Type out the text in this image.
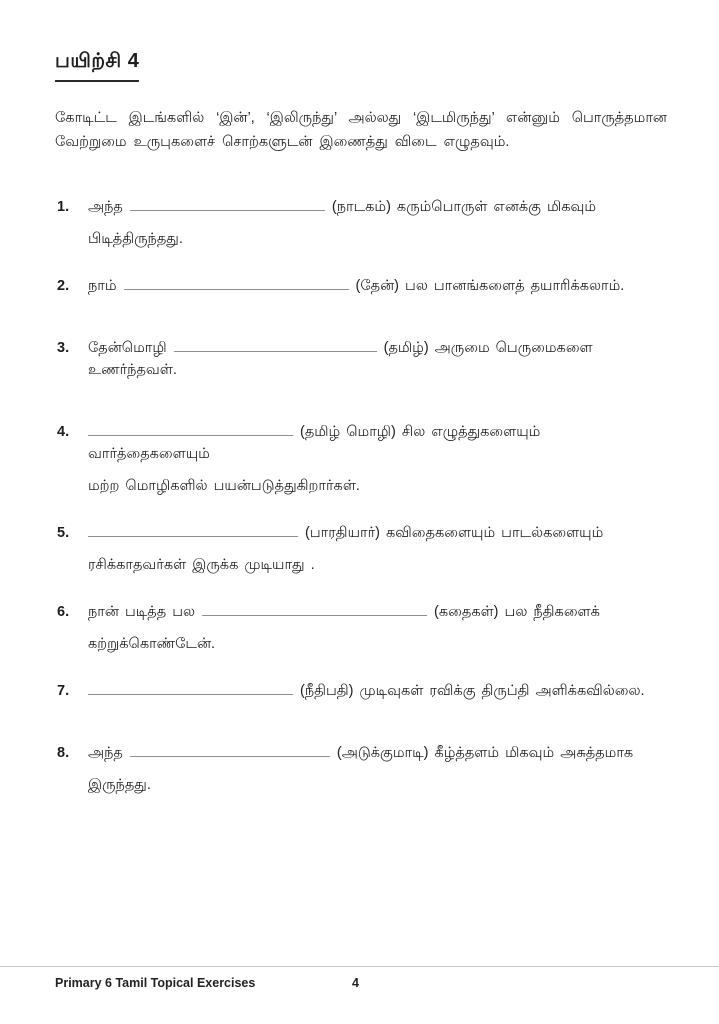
பயிற்சி 4

கோடிட்ட இடங்களில் ‘இன்’, ‘இலிருந்து’ அல்லது ‘இடமிருந்து’ என்னும் பொருத்தமான வேற்றுமை உருபுகளைச் சொற்களுடன் இணைத்து விடை எழுதவும்.

1.	அந்த	(நாடகம்) கரும்பொருள் எனக்கு மிகவும்
பிடித்திருந்தது.
2.	நாம்	(தேன்) பல பானங்களைத் தயாரிக்கலாம்.
3.	தேன்மொழி	(தமிழ்) அருமை பெருமைகளை உணர்ந்தவள்.
4.	(தமிழ் மொழி) சில எழுத்துகளையும் வார்த்தைகளையும்
மற்ற மொழிகளில் பயன்படுத்துகிறார்கள்.
5.	(பாரதியார்) கவிதைகளையும் பாடல்களையும்
ரசிக்காதவர்கள் இருக்க முடியாது .
6.	நான் படித்த பல	(கதைகள்) பல நீதிகளைக்
கற்றுக்கொண்டேன்.
7.	(நீதிபதி) முடிவுகள் ரவிக்கு திருப்தி அளிக்கவில்லை.
8.	அந்த	(அடுக்குமாடி) கீழ்த்தளம் மிகவும் அசுத்தமாக
இருந்தது.
Primary 6 Tamil Topical Exercises	4
